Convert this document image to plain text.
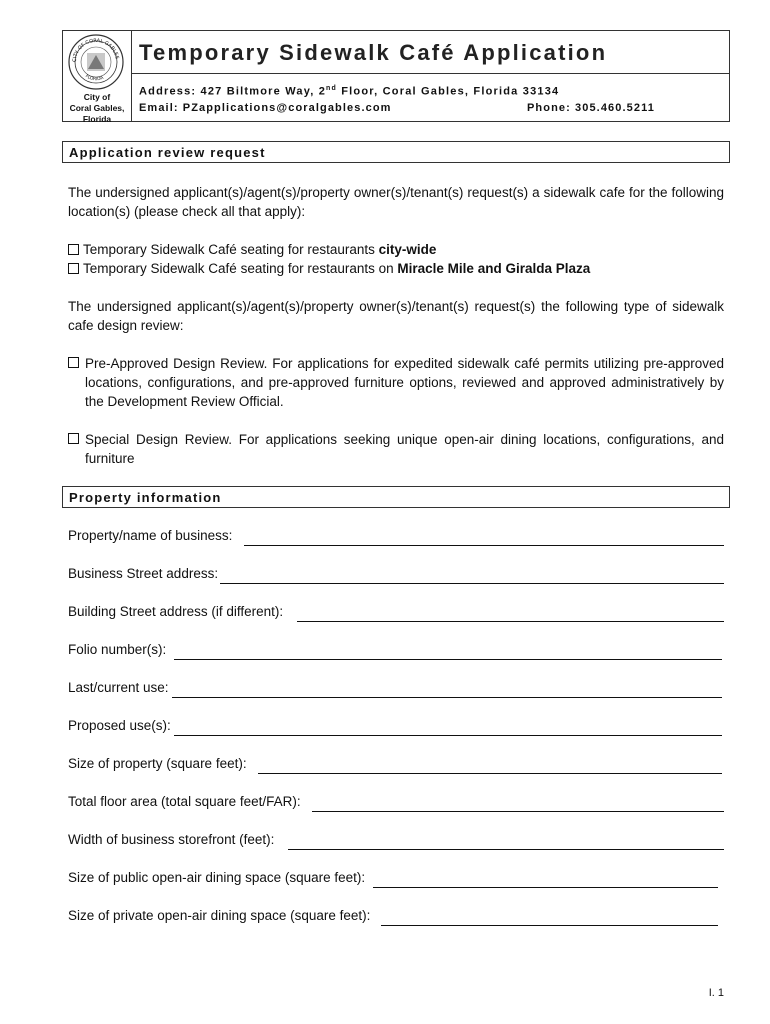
CITY OF CORAL GABLES
FLORIDA
City of
Coral Gables,
Florida
Temporary Sidewalk Café Application
Address: 427 Biltmore Way, 2nd Floor, Coral Gables, Florida 33134
Email: PZapplications@coralgables.com	Phone: 305.460.5211
Application review request
The undersigned applicant(s)/agent(s)/property owner(s)/tenant(s) request(s) a sidewalk cafe for the following location(s) (please check all that apply):
Temporary Sidewalk Café seating for restaurants city-wide
Temporary Sidewalk Café seating for restaurants on Miracle Mile and Giralda Plaza
The undersigned applicant(s)/agent(s)/property owner(s)/tenant(s) request(s) the following type of sidewalk cafe design review:
Pre-Approved Design Review. For applications for expedited sidewalk café permits utilizing pre-approved locations, configurations, and pre-approved furniture options, reviewed and approved administratively by the Development Review Official.
Special Design Review. For applications seeking unique open-air dining locations, configurations, and furniture
Property information
Property/name of business:
Business Street address:
Building Street address (if different):
Folio number(s):
Last/current use:
Proposed use(s):
Size of property (square feet):
Total floor area (total square feet/FAR):
Width of business storefront (feet):
Size of public open-air dining space (square feet):
Size of private open-air dining space (square feet):
I. 1
